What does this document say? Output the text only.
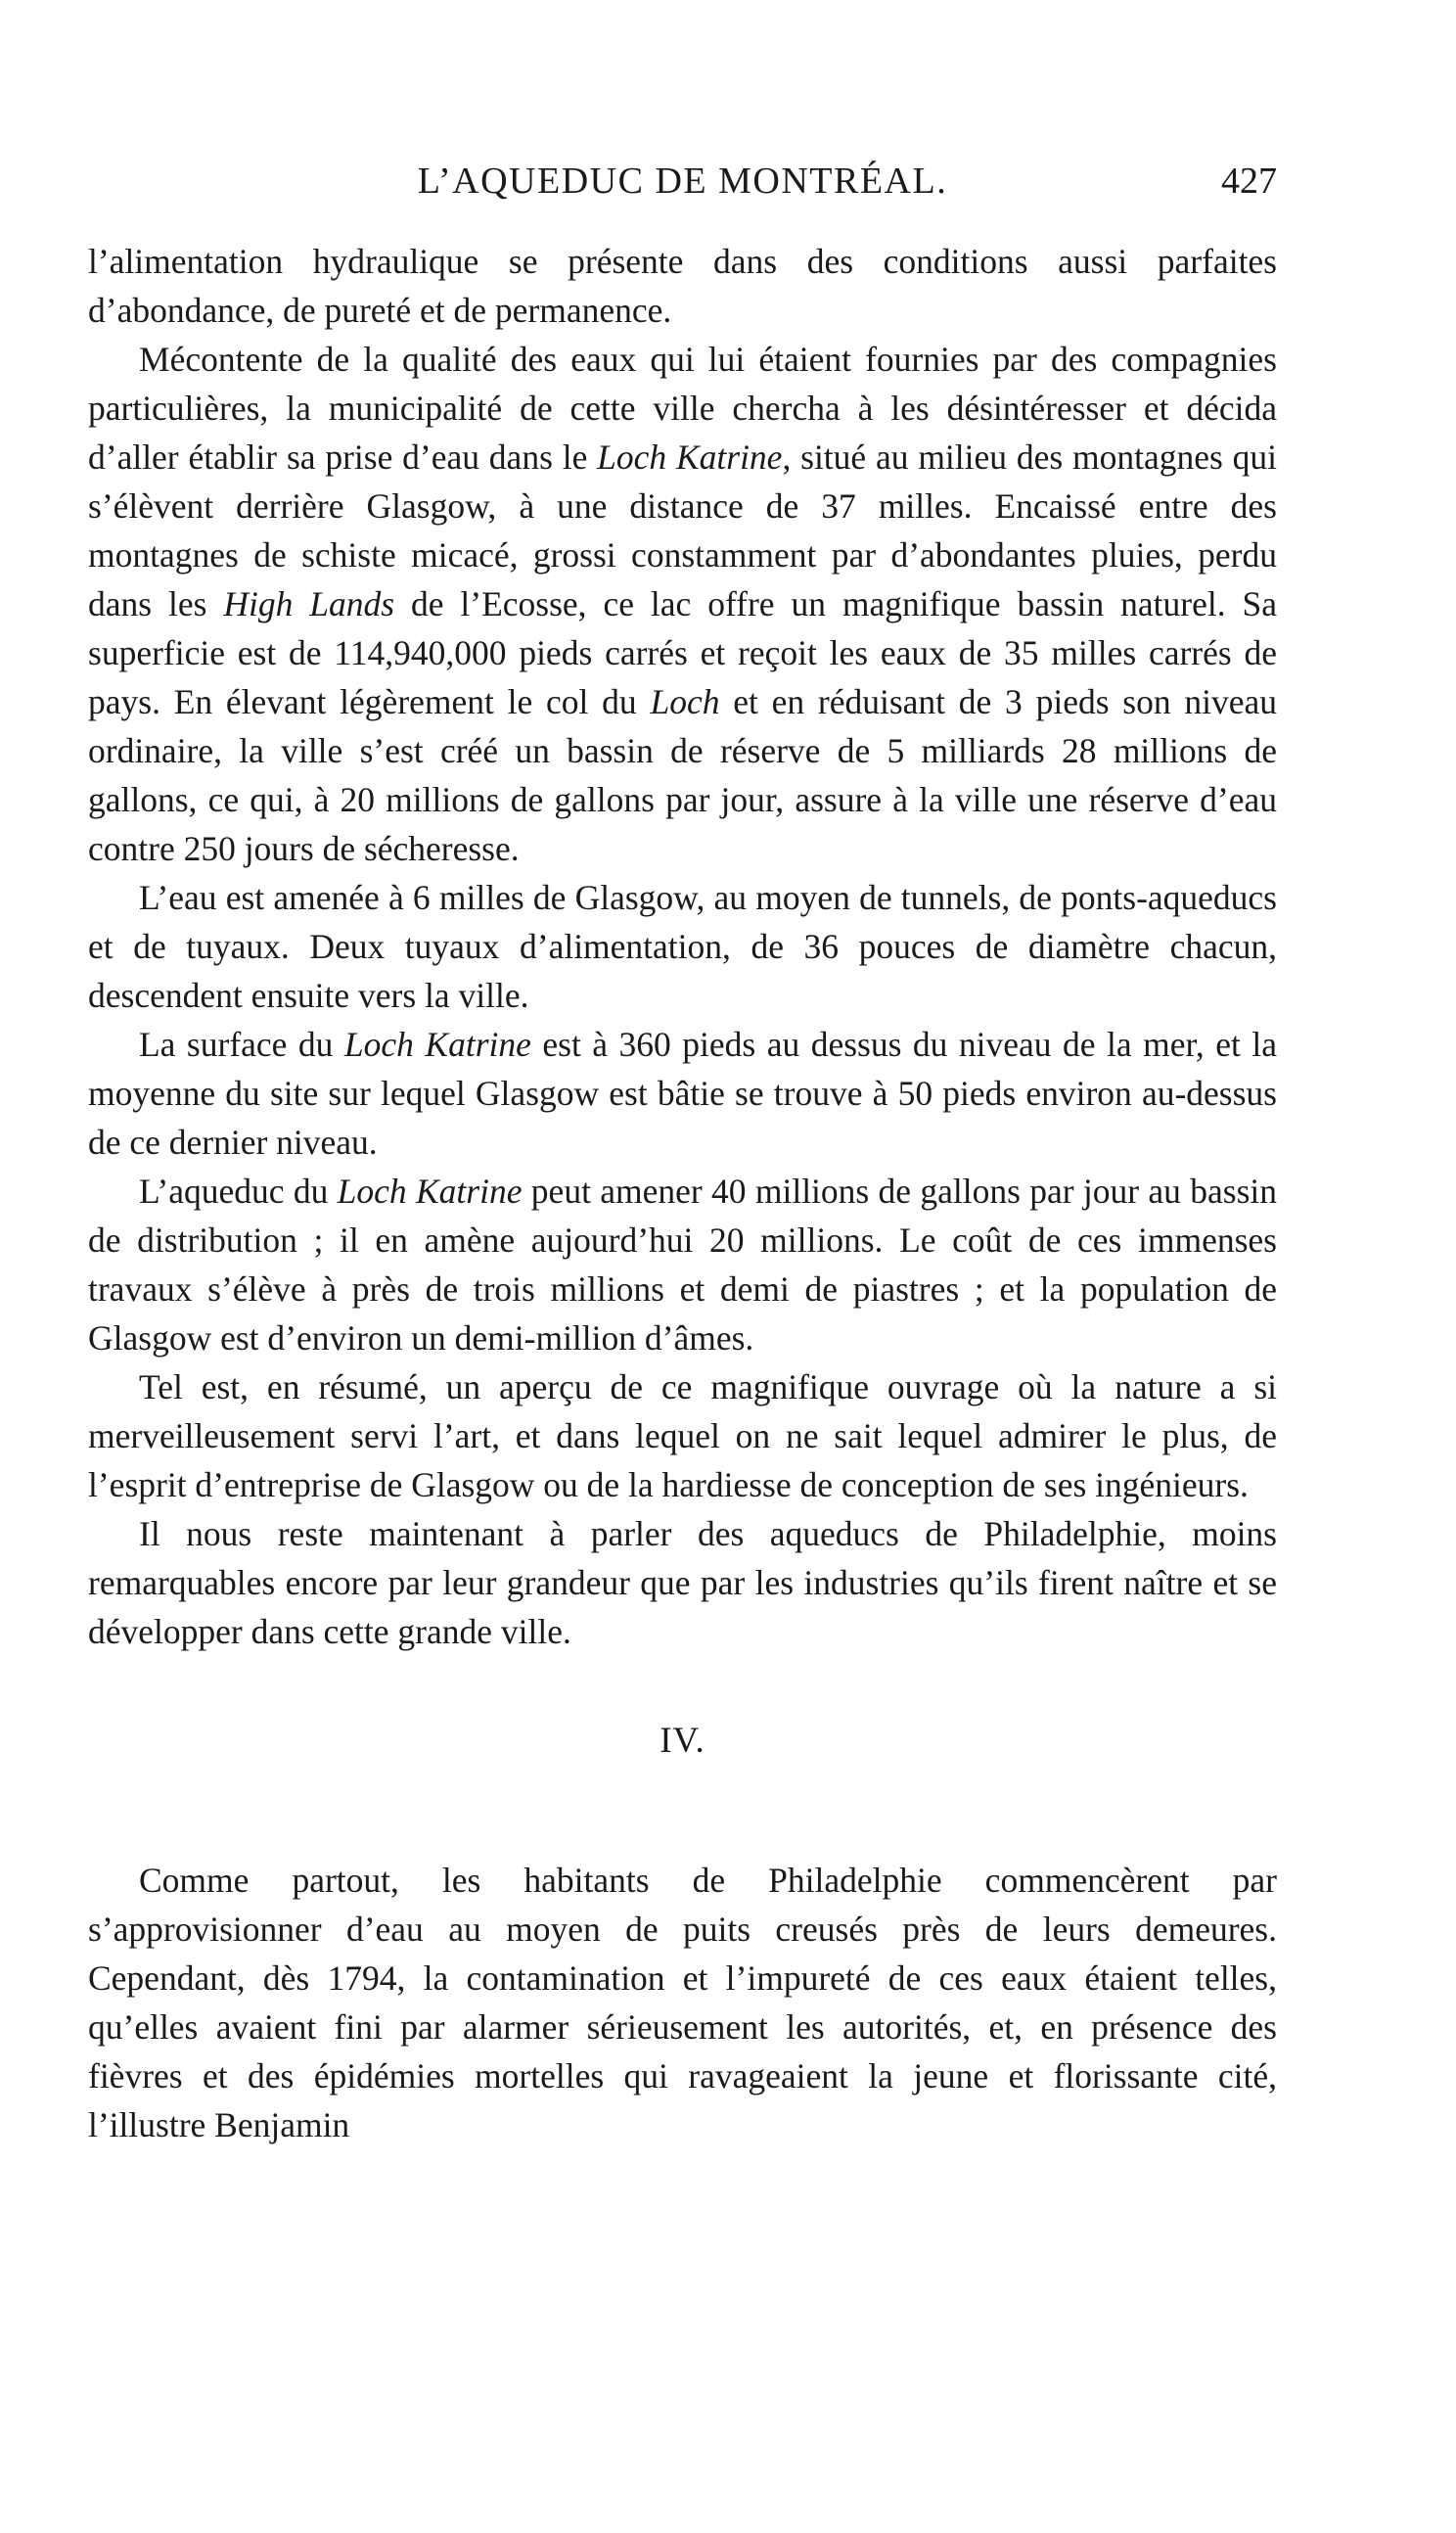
L’AQUEDUC DE MONTRÉAL.	427

l’alimentation hydraulique se présente dans des conditions aussi parfaites d’abondance, de pureté et de permanence.

Mécontente de la qualité des eaux qui lui étaient fournies par des compagnies particulières, la municipalité de cette ville chercha à les désintéresser et décida d’aller établir sa prise d’eau dans le Loch Katrine, situé au milieu des montagnes qui s’élèvent derrière Glasgow, à une distance de 37 milles. Encaissé entre des montagnes de schiste micacé, grossi constamment par d’abondantes pluies, perdu dans les High Lands de l’Ecosse, ce lac offre un magnifique bassin naturel. Sa superficie est de 114,940,000 pieds carrés et reçoit les eaux de 35 milles carrés de pays. En élevant légèrement le col du Loch et en réduisant de 3 pieds son niveau ordinaire, la ville s’est créé un bassin de réserve de 5 milliards 28 millions de gallons, ce qui, à 20 millions de gallons par jour, assure à la ville une réserve d’eau contre 250 jours de sécheresse.

L’eau est amenée à 6 milles de Glasgow, au moyen de tunnels, de ponts-aqueducs et de tuyaux. Deux tuyaux d’alimentation, de 36 pouces de diamètre chacun, descendent ensuite vers la ville.

La surface du Loch Katrine est à 360 pieds au dessus du niveau de la mer, et la moyenne du site sur lequel Glasgow est bâtie se trouve à 50 pieds environ au-dessus de ce dernier niveau.

L’aqueduc du Loch Katrine peut amener 40 millions de gallons par jour au bassin de distribution ; il en amène aujourd’hui 20 millions. Le coût de ces immenses travaux s’élève à près de trois millions et demi de piastres ; et la population de Glasgow est d’environ un demi-million d’âmes.

Tel est, en résumé, un aperçu de ce magnifique ouvrage où la nature a si merveilleusement servi l’art, et dans lequel on ne sait lequel admirer le plus, de l’esprit d’entreprise de Glasgow ou de la hardiesse de conception de ses ingénieurs.

Il nous reste maintenant à parler des aqueducs de Philadelphie, moins remarquables encore par leur grandeur que par les industries qu’ils firent naître et se développer dans cette grande ville.

IV.

Comme partout, les habitants de Philadelphie commencèrent par s’approvisionner d’eau au moyen de puits creusés près de leurs demeures. Cependant, dès 1794, la contamination et l’impureté de ces eaux étaient telles, qu’elles avaient fini par alarmer sérieusement les autorités, et, en présence des fièvres et des épidémies mortelles qui ravageaient la jeune et florissante cité, l’illustre Benjamin
